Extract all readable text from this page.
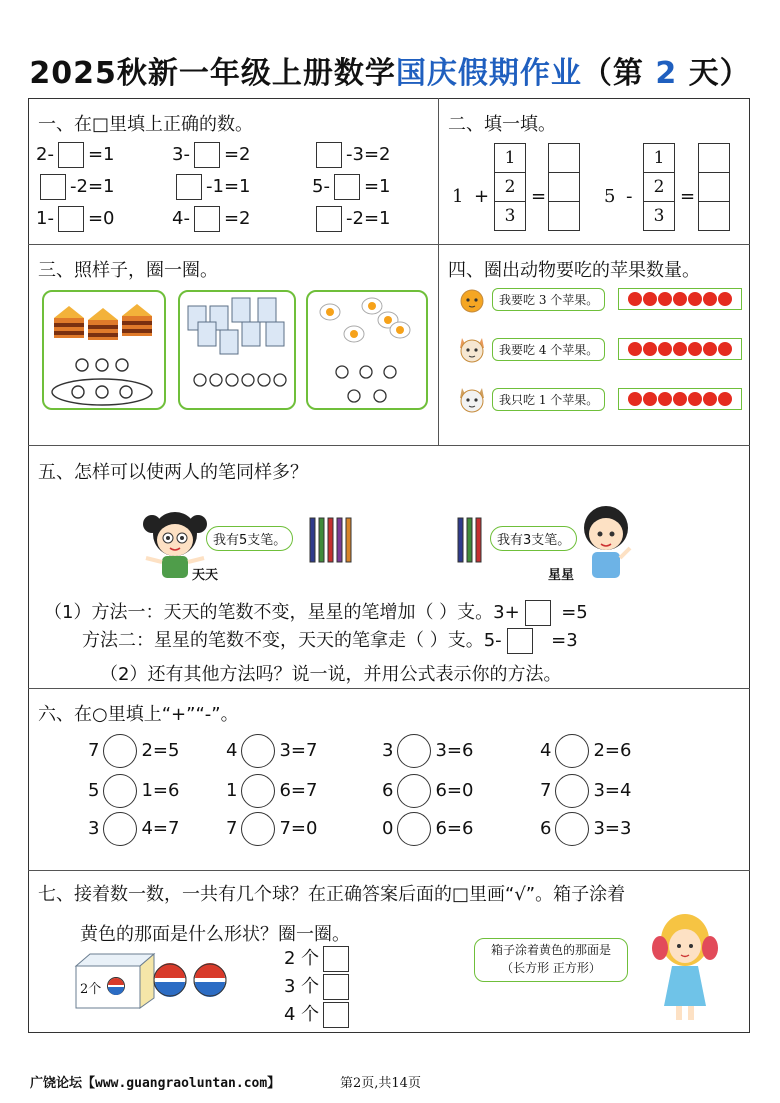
2025秋新一年级上册数学国庆假期作业（第 2 天）
一、在□里填上正确的数。
2- =1	3- =2	-3=2
-2=1	-1=1	5- =1
1- =0	4- =2	-2=1
二、填一填。
1 +
1
2
3
=	5 -
1
2
3
=
三、照样子，圈一圈。	四、圈出动物要吃的苹果数量。
我要吃 3 个苹果。
我要吃 4 个苹果。
我只吃 1 个苹果。
五、怎样可以使两人的笔同样多？
天天
我有5支笔。	我有3支笔。
星星
（1）方法一：天天的笔数不变，星星的笔增加（ ）支。3+ =5
方法二：星星的笔数不变，天天的笔拿走（ ）支。5-	=3
（2）还有其他方法吗？说一说，并用公式表示你的方法。
六、在○里填上“+”“-”。
7 2=5	4 3=7	3 3=6	4 2=6
5 1=6	1 6=7	6 6=0	7 3=4
3 4=7	7 7=0	0 6=6	6 3=3
七、接着数一数，一共有几个球？在正确答案后面的□里画“√”。箱子涂着
黄色的那面是什么形状？圈一圈。
2个
2 个
3 个
4 个
箱子涂着黄色的那面是
（长方形 正方形）
广饶论坛【www.guangraoluntan.com】	第2页,共14页
